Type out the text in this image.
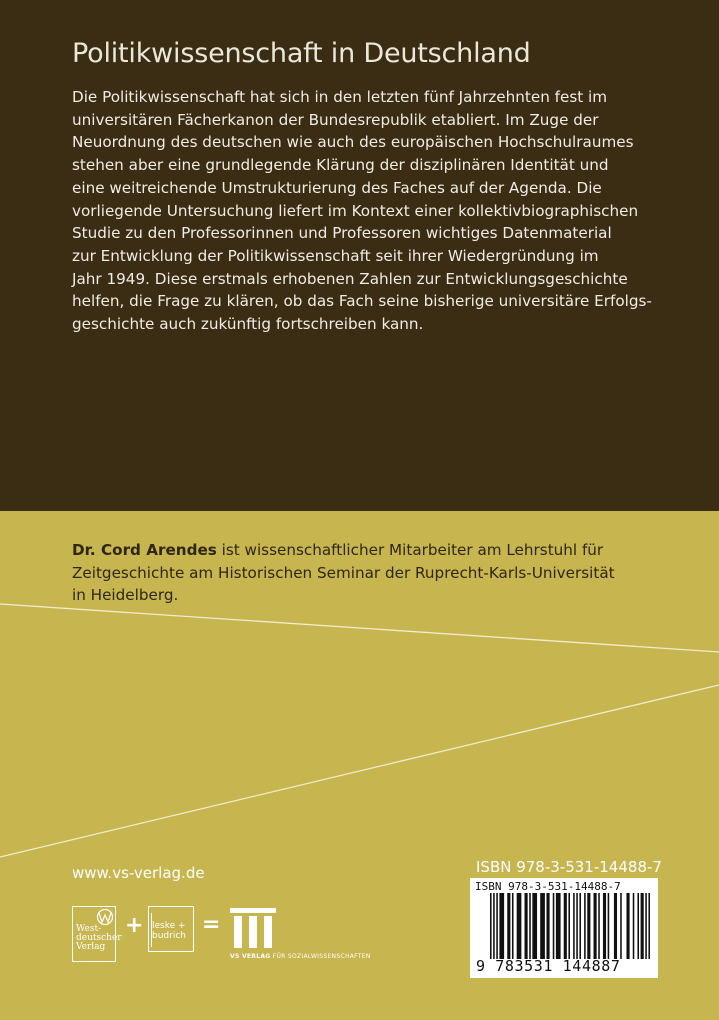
Politikwissenschaft in Deutschland

Die Politikwissenschaft hat sich in den letzten fünf Jahrzehnten fest im
universitären Fächerkanon der Bundesrepublik etabliert. Im Zuge der
Neuordnung des deutschen wie auch des europäischen Hochschulraumes
stehen aber eine grundlegende Klärung der disziplinären Identität und
eine weitreichende Umstrukturierung des Faches auf der Agenda. Die
vorliegende Untersuchung liefert im Kontext einer kollektivbiographischen
Studie zu den Professorinnen und Professoren wichtiges Datenmaterial
zur Entwicklung der Politikwissenschaft seit ihrer Wiedergründung im
Jahr 1949. Diese erstmals erhobenen Zahlen zur Entwicklungsgeschichte
helfen, die Frage zu klären, ob das Fach seine bisherige universitäre Erfolgs-
geschichte auch zukünftig fortschreiben kann.

Dr. Cord Arendes ist wissenschaftlicher Mitarbeiter am Lehrstuhl für
Zeitgeschichte am Historischen Seminar der Ruprecht-Karls-Universität
in Heidelberg.

www.vs-verlag.de
West-
deutscher
Verlag
+ leske +
budrich =
VS VERLAG FÜR SOZIALWISSENSCHAFTEN
ISBN 978-3-531-14488-7
ISBN 978-3-531-14488-7
9 783531 144887
